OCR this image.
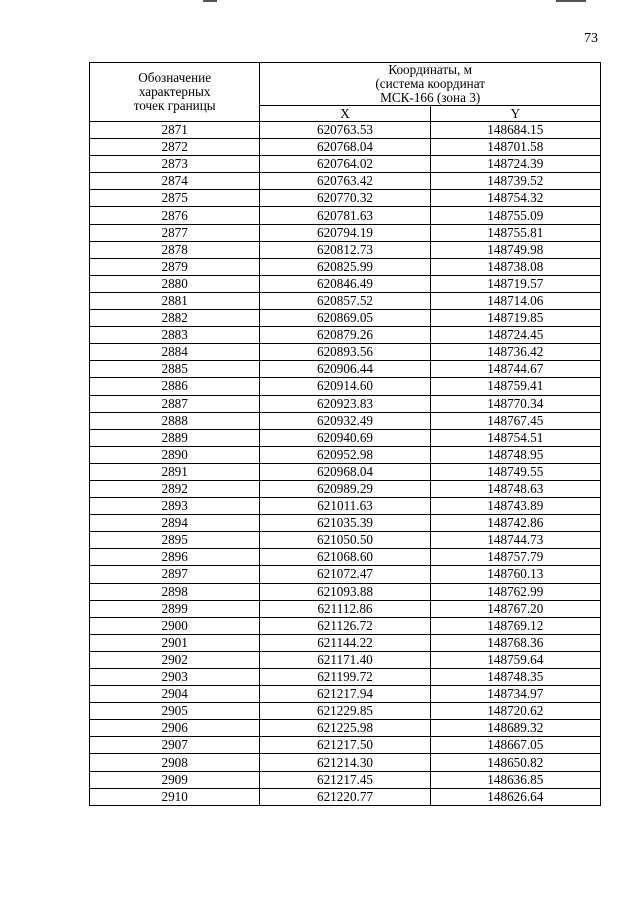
73
Обозначение
характерных
точек границы	Координаты, м
(система координат
МСК-166 (зона 3)	

	X	Y
2871	620763.53	148684.15
2872	620768.04	148701.58
2873	620764.02	148724.39
2874	620763.42	148739.52
2875	620770.32	148754.32
2876	620781.63	148755.09
2877	620794.19	148755.81
2878	620812.73	148749.98
2879	620825.99	148738.08
2880	620846.49	148719.57
2881	620857.52	148714.06
2882	620869.05	148719.85
2883	620879.26	148724.45
2884	620893.56	148736.42
2885	620906.44	148744.67
2886	620914.60	148759.41
2887	620923.83	148770.34
2888	620932.49	148767.45
2889	620940.69	148754.51
2890	620952.98	148748.95
2891	620968.04	148749.55
2892	620989.29	148748.63
2893	621011.63	148743.89
2894	621035.39	148742.86
2895	621050.50	148744.73
2896	621068.60	148757.79
2897	621072.47	148760.13
2898	621093.88	148762.99
2899	621112.86	148767.20
2900	621126.72	148769.12
2901	621144.22	148768.36
2902	621171.40	148759.64
2903	621199.72	148748.35
2904	621217.94	148734.97
2905	621229.85	148720.62
2906	621225.98	148689.32
2907	621217.50	148667.05
2908	621214.30	148650.82
2909	621217.45	148636.85
2910	621220.77	148626.64
